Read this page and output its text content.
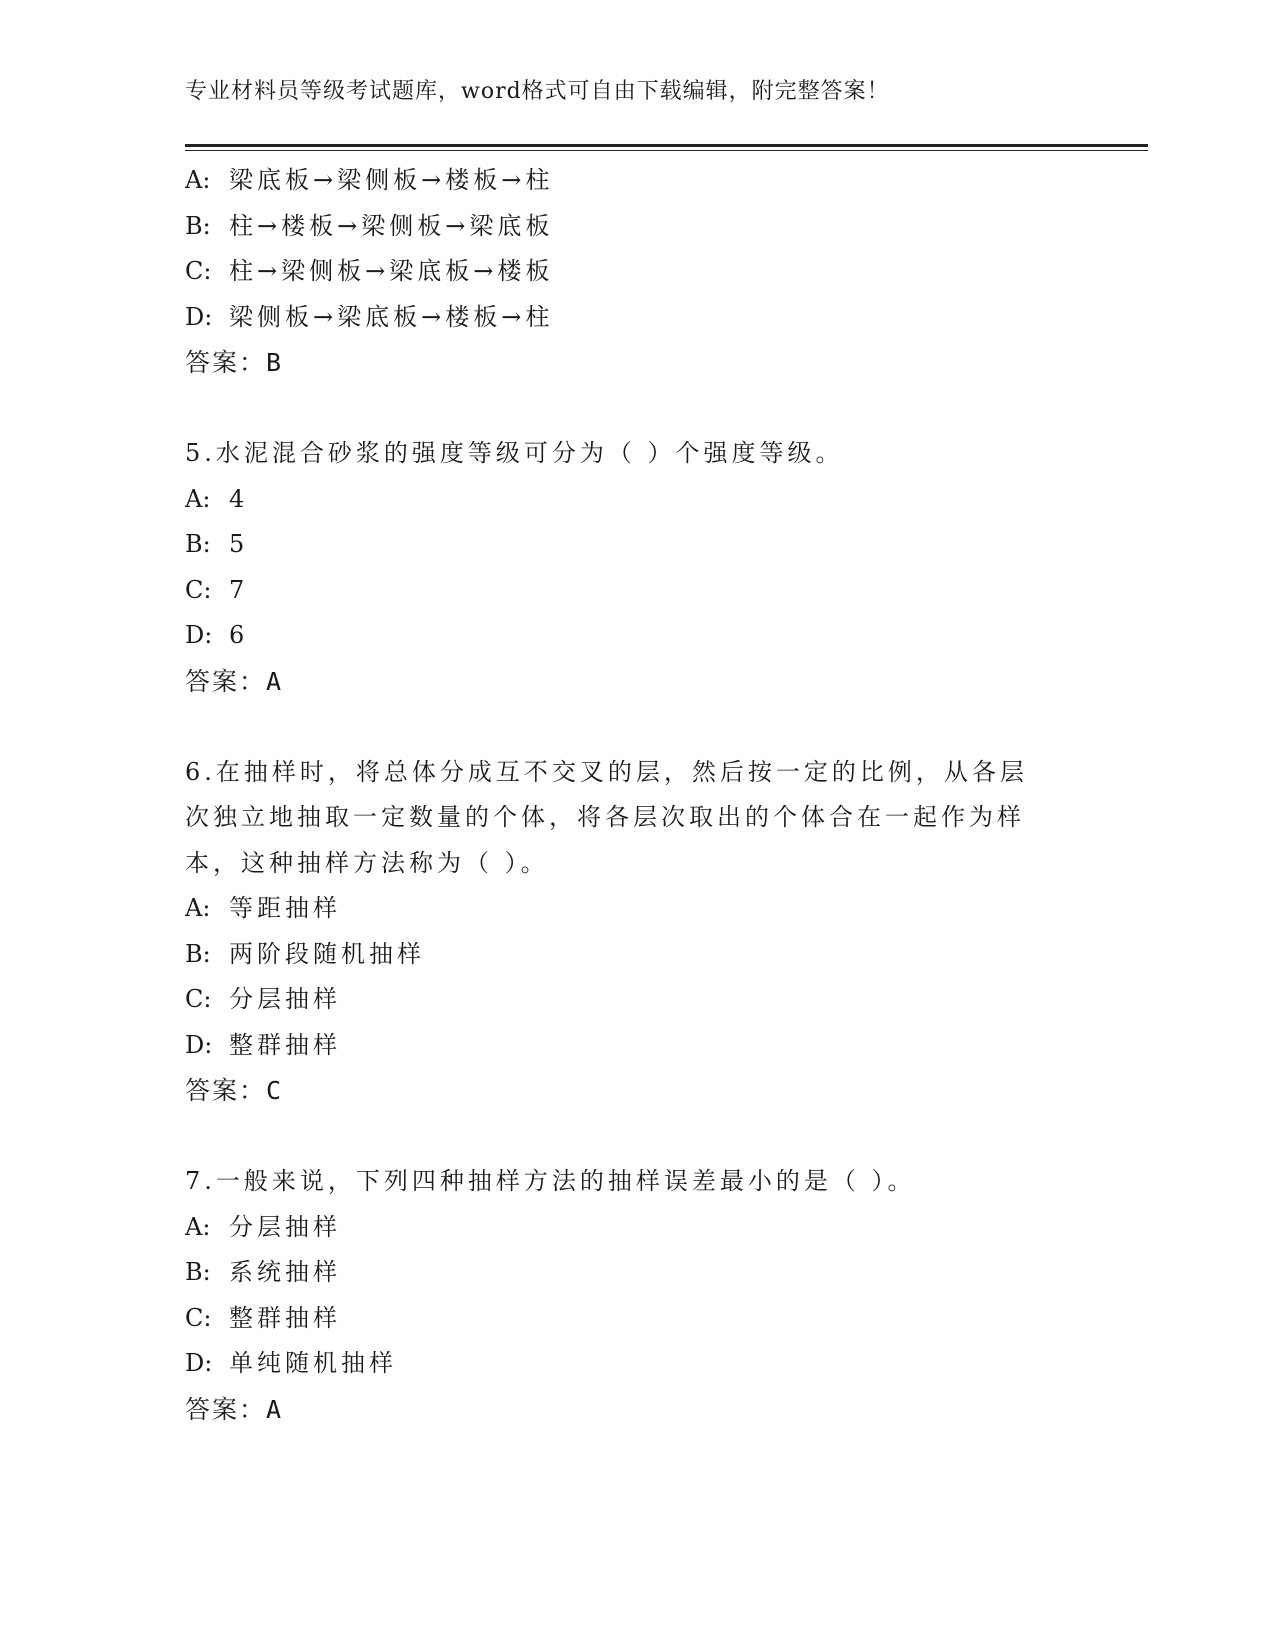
专业材料员等级考试题库，word格式可自由下载编辑，附完整答案！
A: 梁底板→梁侧板→楼板→柱
B: 柱→楼板→梁侧板→梁底板
C: 柱→梁侧板→梁底板→楼板
D: 梁侧板→梁底板→楼板→柱
答案：B
5.水泥混合砂浆的强度等级可分为（ ）个强度等级。
A: 4
B: 5
C: 7
D: 6
答案：A
6.在抽样时，将总体分成互不交叉的层，然后按一定的比例，从各层
次独立地抽取一定数量的个体，将各层次取出的个体合在一起作为样
本，这种抽样方法称为（ ）。
A: 等距抽样
B: 两阶段随机抽样
C: 分层抽样
D: 整群抽样
答案：C
7.一般来说，下列四种抽样方法的抽样误差最小的是（ ）。
A: 分层抽样
B: 系统抽样
C: 整群抽样
D: 单纯随机抽样
答案：A
